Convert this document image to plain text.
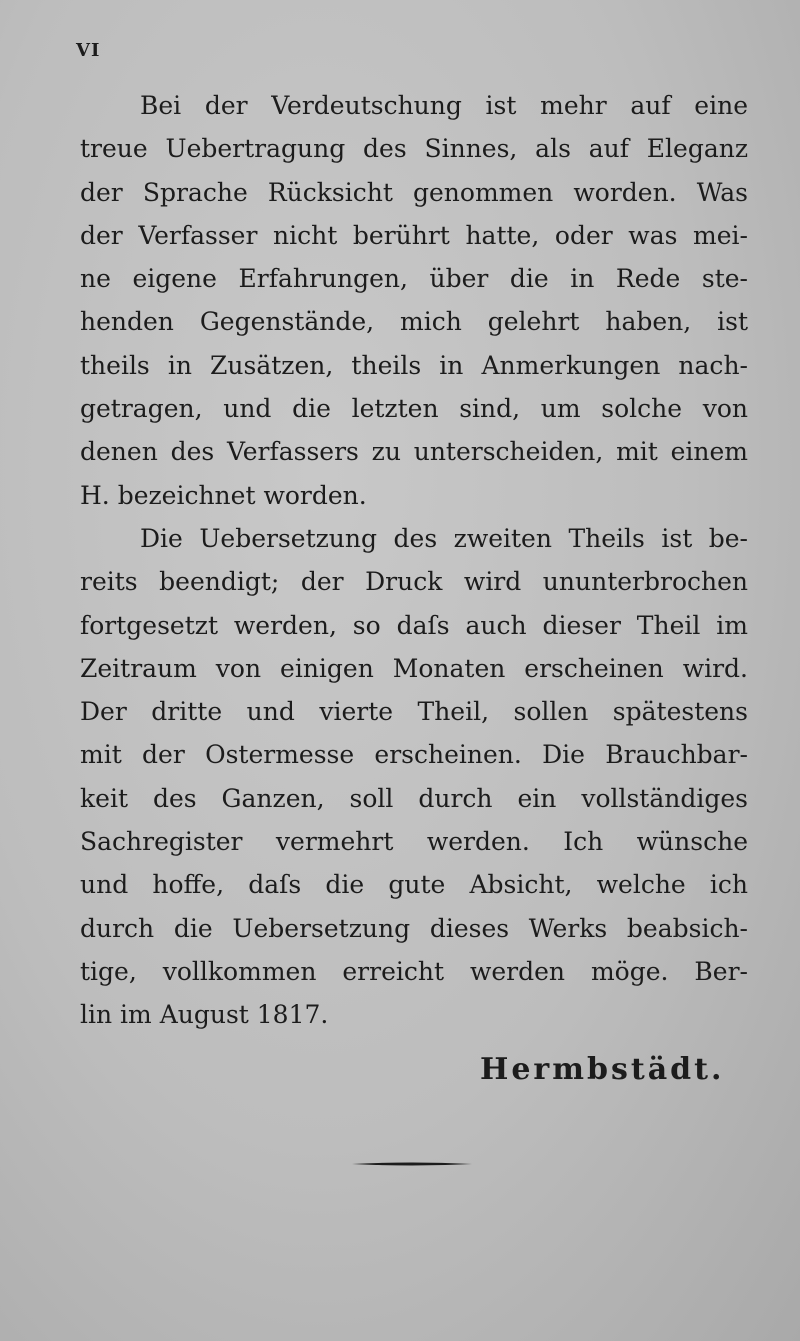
VI
Bei der Verdeutschung ist mehr auf eine
treue Uebertragung des Sinnes, als auf Eleganz
der Sprache Rücksicht genommen worden. Was
der Verfasser nicht berührt hatte, oder was mei-
ne eigene Erfahrungen, über die in Rede ste-
henden Gegenstände, mich gelehrt haben, ist
theils in Zusätzen, theils in Anmerkungen nach-
getragen, und die letzten sind, um solche von
denen des Verfassers zu unterscheiden, mit einem
H. bezeichnet worden.
Die Uebersetzung des zweiten Theils ist be-
reits beendigt; der Druck wird ununterbrochen
fortgesetzt werden, so daſs auch dieser Theil im
Zeitraum von einigen Monaten erscheinen wird.
Der dritte und vierte Theil, sollen spätestens
mit der Ostermesse erscheinen. Die Brauchbar-
keit des Ganzen, soll durch ein vollständiges
Sachregister vermehrt werden. Ich wünsche
und hoffe, daſs die gute Absicht, welche ich
durch die Uebersetzung dieses Werks beabsich-
tige, vollkommen erreicht werden möge. Ber-
lin im August 1817.
Hermbstädt.
